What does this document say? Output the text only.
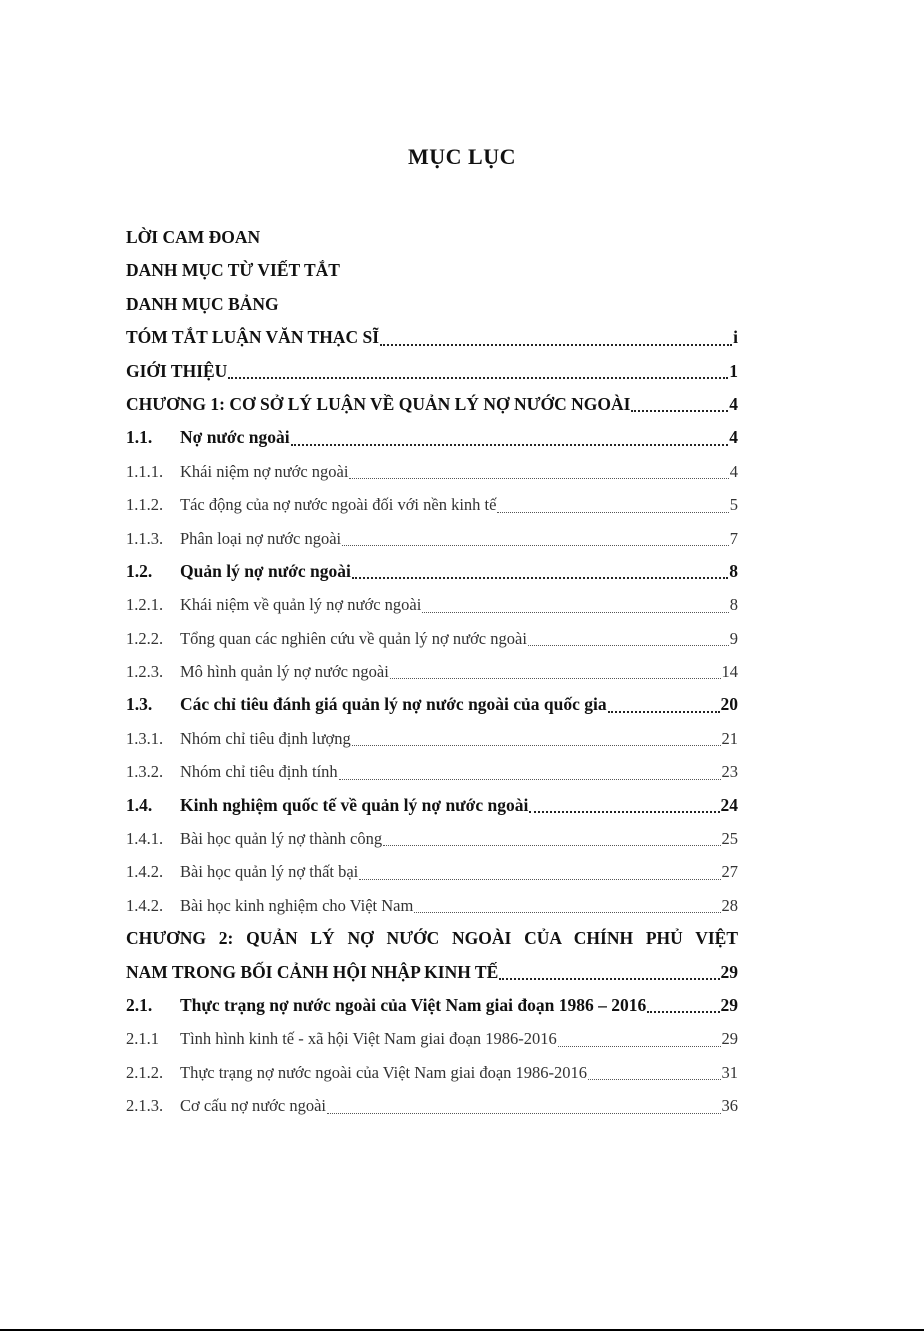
MỤC LỤC
LỜI CAM ĐOAN
DANH MỤC TỪ VIẾT TẮT
DANH MỤC BẢNG
TÓM TẮT LUẬN VĂN THẠC SĨ	i
GIỚI THIỆU	1
CHƯƠNG 1: CƠ SỞ LÝ LUẬN VỀ QUẢN LÝ NỢ NƯỚC NGOÀI	4
1.1.	Nợ nước ngoài	4
1.1.1.	Khái niệm nợ nước ngoài	4
1.1.2.	Tác động của nợ nước ngoài đối với nền kinh tế	5
1.1.3.	Phân loại nợ nước ngoài	7
1.2.	Quản lý nợ nước ngoài	8
1.2.1.	Khái niệm về quản lý nợ nước ngoài	8
1.2.2.	Tổng quan các nghiên cứu về quản lý nợ nước ngoài	9
1.2.3.	Mô hình quản lý nợ nước ngoài	14
1.3.	Các chỉ tiêu đánh giá quản lý nợ nước ngoài của quốc gia	20
1.3.1.	Nhóm chỉ tiêu định lượng	21
1.3.2.	Nhóm chỉ tiêu định tính	23
1.4.	Kinh nghiệm quốc tế về quản lý nợ nước ngoài	24
1.4.1.	Bài học quản lý nợ thành công	25
1.4.2.	Bài học quản lý nợ thất bại	27
1.4.2.	Bài học kinh nghiệm cho Việt Nam	28
CHƯƠNG 2: QUẢN LÝ NỢ NƯỚC NGOÀI CỦA CHÍNH PHỦ VIỆT
NAM TRONG BỐI CẢNH HỘI NHẬP KINH TẾ	29
2.1.	Thực trạng nợ nước ngoài của Việt Nam giai đoạn 1986 – 2016	29
2.1.1	Tình hình kinh tế - xã hội Việt Nam giai đoạn 1986-2016	29
2.1.2.	Thực trạng nợ nước ngoài của Việt Nam giai đoạn 1986-2016	31
2.1.3.	Cơ cấu nợ nước ngoài	36
